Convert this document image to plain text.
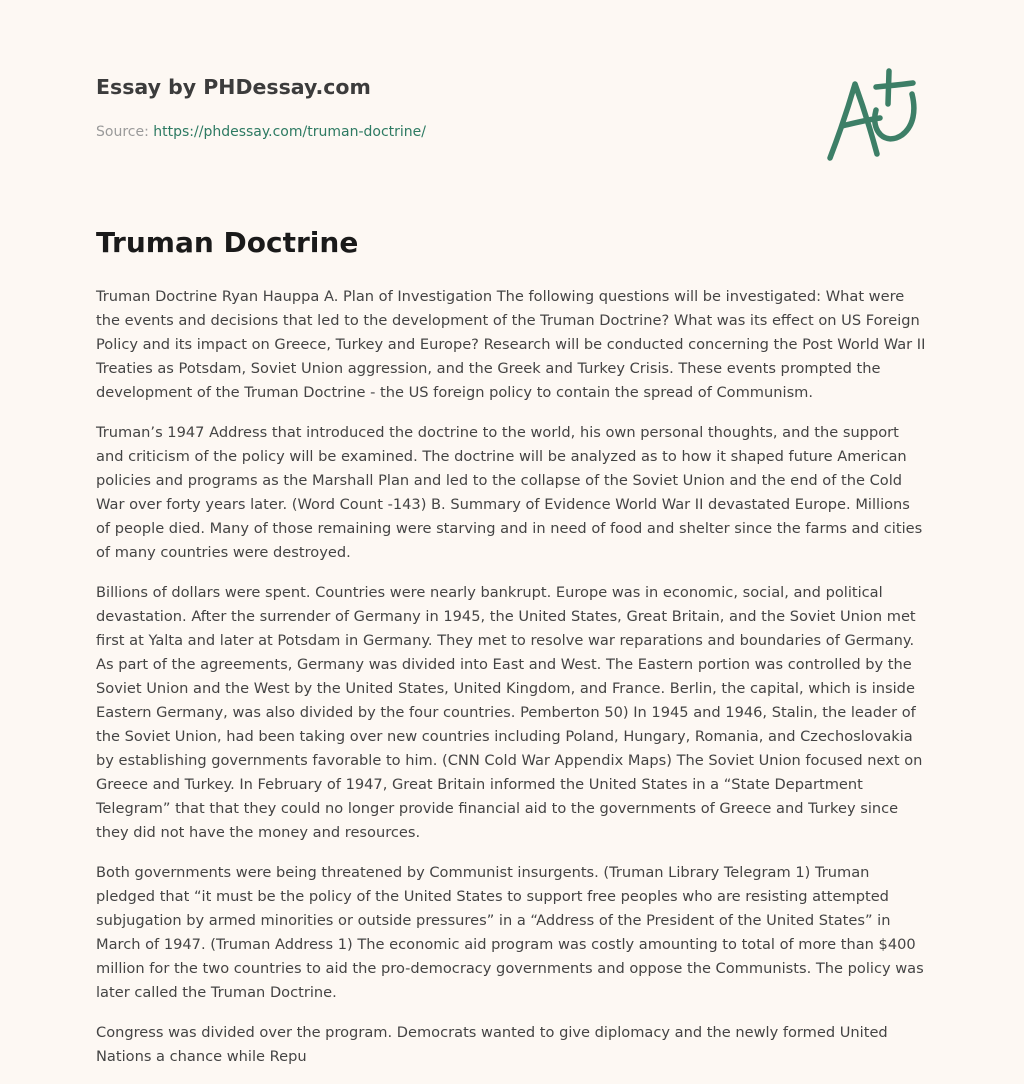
Essay by PHDessay.com

Source: https://phdessay.com/truman-doctrine/

Truman Doctrine

Truman Doctrine Ryan Hauppa A. Plan of Investigation The following questions will be investigated: What were the events and decisions that led to the development of the Truman Doctrine? What was its effect on US Foreign Policy and its impact on Greece, Turkey and Europe? Research will be conducted concerning the Post World War II Treaties as Potsdam, Soviet Union aggression, and the Greek and Turkey Crisis. These events prompted the development of the Truman Doctrine - the US foreign policy to contain the spread of Communism.

Truman’s 1947 Address that introduced the doctrine to the world, his own personal thoughts, and the support and criticism of the policy will be examined. The doctrine will be analyzed as to how it shaped future American policies and programs as the Marshall Plan and led to the collapse of the Soviet Union and the end of the Cold War over forty years later. (Word Count -143) B. Summary of Evidence World War II devastated Europe. Millions of people died. Many of those remaining were starving and in need of food and shelter since the farms and cities of many countries were destroyed.

Billions of dollars were spent. Countries were nearly bankrupt. Europe was in economic, social, and political devastation. After the surrender of Germany in 1945, the United States, Great Britain, and the Soviet Union met first at Yalta and later at Potsdam in Germany. They met to resolve war reparations and boundaries of Germany. As part of the agreements, Germany was divided into East and West. The Eastern portion was controlled by the Soviet Union and the West by the United States, United Kingdom, and France. Berlin, the capital, which is inside Eastern Germany, was also divided by the four countries. Pemberton 50) In 1945 and 1946, Stalin, the leader of the Soviet Union, had been taking over new countries including Poland, Hungary, Romania, and Czechoslovakia by establishing governments favorable to him. (CNN Cold War Appendix Maps) The Soviet Union focused next on Greece and Turkey. In February of 1947, Great Britain informed the United States in a “State Department Telegram” that that they could no longer provide financial aid to the governments of Greece and Turkey since they did not have the money and resources.

Both governments were being threatened by Communist insurgents. (Truman Library Telegram 1) Truman pledged that “it must be the policy of the United States to support free peoples who are resisting attempted subjugation by armed minorities or outside pressures” in a “Address of the President of the United States” in March of 1947. (Truman Address 1) The economic aid program was costly amounting to total of more than $400 million for the two countries to aid the pro-democracy governments and oppose the Communists. The policy was later called the Truman Doctrine.

Congress was divided over the program. Democrats wanted to give diplomacy and the newly formed United Nations a chance while Repu
